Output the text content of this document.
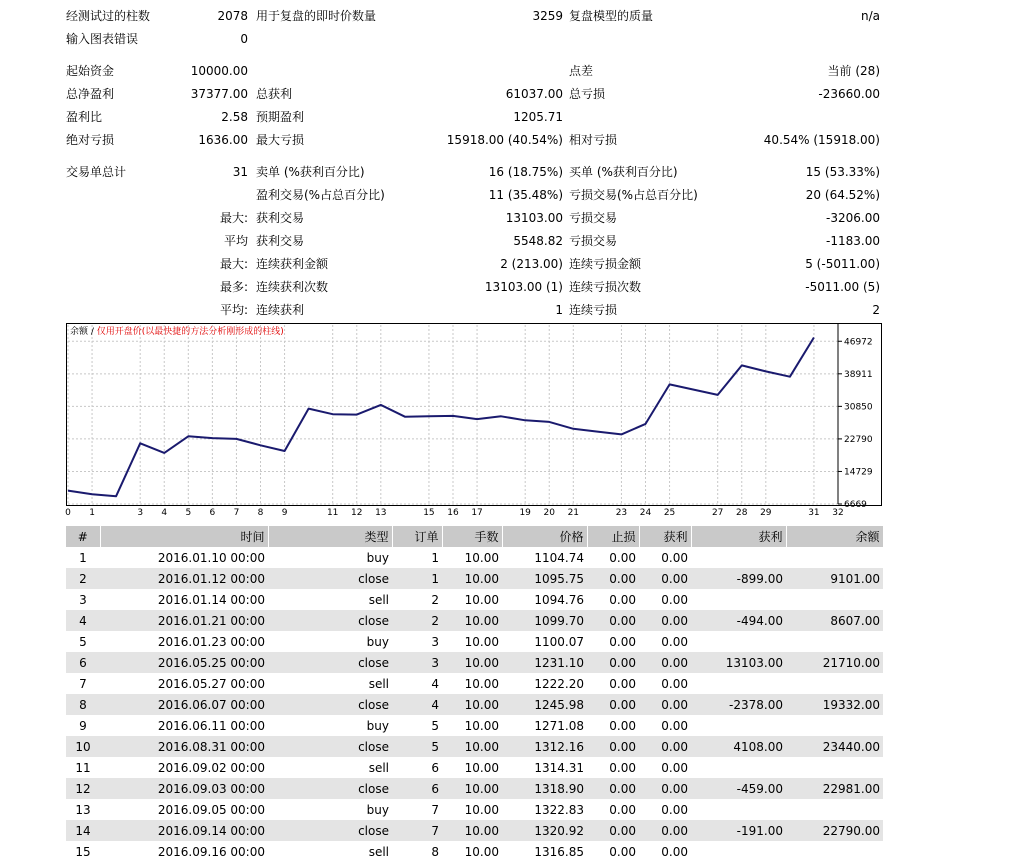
经测试过的柱数	2078 用于复盘的即时价数量	3259 复盘模型的质量	n/a
输入图表错误	0
起始资金	10000.00	点差	当前 (28)
总净盈利	37377.00 总获利	61037.00 总亏损	-23660.00
盈利比	2.58 预期盈利	1205.71
绝对亏损	1636.00 最大亏损	15918.00 (40.54%) 相对亏损	40.54% (15918.00)
交易单总计	31 卖单 (%获利百分比)	16 (18.75%) 买单 (%获利百分比)	15 (53.33%)
盈利交易(%占总百分比)	11 (35.48%) 亏损交易(%占总百分比)	20 (64.52%)
最大: 获利交易	13103.00 亏损交易	-3206.00
平均 获利交易	5548.82 亏损交易	-1183.00
最大: 连续获利金额	2 (213.00) 连续亏损金额	5 (-5011.00)
最多: 连续获利次数	13103.00 (1) 连续亏损次数	-5011.00 (5)
平均: 连续获利	1 连续亏损	2
46972
38911
30850
22790
14729
6669
0 1	3 4 5 6 7 8 9	11 12 13	15 16 17	19 20 21	23 24 25	27 28 29	31 32
余额 / 仅用开盘价(以最快捷的方法分析刚形成的柱线)
#	时间	类型	订单	手数	价格	止损	获利	获利	余额
1	2016.01.10 00:00	buy	1	10.00	1104.74	0.00	0.00		
2	2016.01.12 00:00	close	1	10.00	1095.75	0.00	0.00	-899.00	9101.00
3	2016.01.14 00:00	sell	2	10.00	1094.76	0.00	0.00		
4	2016.01.21 00:00	close	2	10.00	1099.70	0.00	0.00	-494.00	8607.00
5	2016.01.23 00:00	buy	3	10.00	1100.07	0.00	0.00		
6	2016.05.25 00:00	close	3	10.00	1231.10	0.00	0.00	13103.00	21710.00
7	2016.05.27 00:00	sell	4	10.00	1222.20	0.00	0.00		
8	2016.06.07 00:00	close	4	10.00	1245.98	0.00	0.00	-2378.00	19332.00
9	2016.06.11 00:00	buy	5	10.00	1271.08	0.00	0.00		
10	2016.08.31 00:00	close	5	10.00	1312.16	0.00	0.00	4108.00	23440.00
11	2016.09.02 00:00	sell	6	10.00	1314.31	0.00	0.00		
12	2016.09.03 00:00	close	6	10.00	1318.90	0.00	0.00	-459.00	22981.00
13	2016.09.05 00:00	buy	7	10.00	1322.83	0.00	0.00		
14	2016.09.14 00:00	close	7	10.00	1320.92	0.00	0.00	-191.00	22790.00
15	2016.09.16 00:00	sell	8	10.00	1316.85	0.00	0.00		
